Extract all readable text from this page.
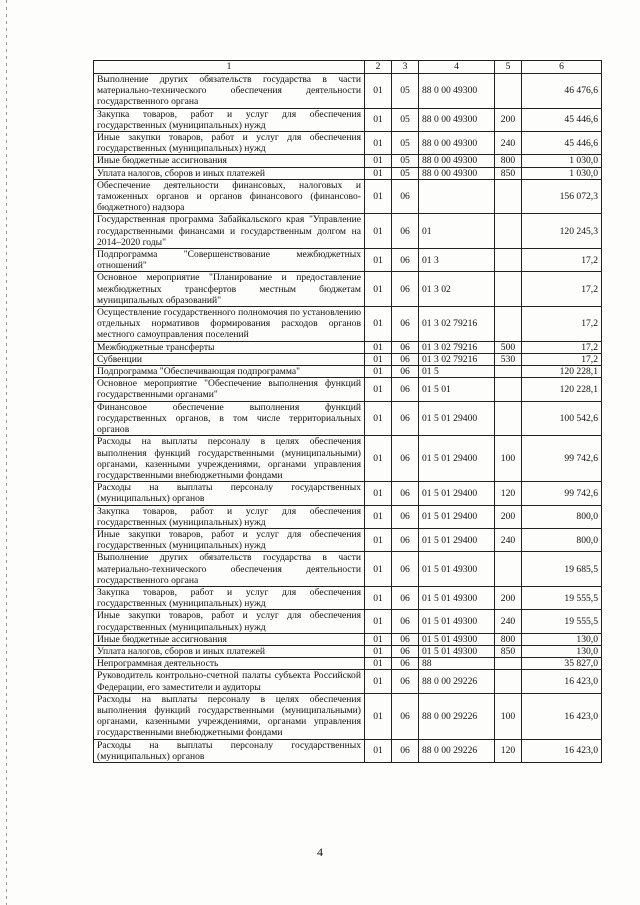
1	2	3	4	5	6
Выполнение других обязательств государства в части материально-технического обеспечения деятельности государственного органа	01	05	88 0 00 49300		46 476,6
Закупка товаров, работ и услуг для обеспечения государственных (муниципальных) нужд	01	05	88 0 00 49300	200	45 446,6
Иные закупки товаров, работ и услуг для обеспечения государственных (муниципальных) нужд	01	05	88 0 00 49300	240	45 446,6
Иные бюджетные ассигнования	01	05	88 0 00 49300	800	1 030,0
Уплата налогов, сборов и иных платежей	01	05	88 0 00 49300	850	1 030,0
Обеспечение деятельности финансовых, налоговых и таможенных органов и органов финансового (финансово-бюджетного) надзора	01	06			156 072,3
Государственная программа Забайкальского края "Управление государственными финансами и государственным долгом на 2014–2020 годы"	01	06	01		120 245,3
Подпрограмма "Совершенствование межбюджетных отношений"	01	06	01 3		17,2
Основное мероприятие "Планирование и предоставление межбюджетных трансфертов местным бюджетам муниципальных образований"	01	06	01 3 02		17,2
Осуществление государственного полномочия по установлению отдельных нормативов формирования расходов органов местного самоуправления поселений	01	06	01 3 02 79216		17,2
Межбюджетные трансферты	01	06	01 3 02 79216	500	17,2
Субвенции	01	06	01 3 02 79216	530	17,2
Подпрограмма "Обеспечивающая подпрограмма"	01	06	01 5		120 228,1
Основное мероприятие "Обеспечение выполнения функций государственными органами"	01	06	01 5 01		120 228,1
Финансовое обеспечение выполнения функций государственных органов, в том числе территориальных органов	01	06	01 5 01 29400		100 542,6
Расходы на выплаты персоналу в целях обеспечения выполнения функций государственными (муниципальными) органами, казенными учреждениями, органами управления государственными внебюджетными фондами	01	06	01 5 01 29400	100	99 742,6
Расходы на выплаты персоналу государственных (муниципальных) органов	01	06	01 5 01 29400	120	99 742,6
Закупка товаров, работ и услуг для обеспечения государственных (муниципальных) нужд	01	06	01 5 01 29400	200	800,0
Иные закупки товаров, работ и услуг для обеспечения государственных (муниципальных) нужд	01	06	01 5 01 29400	240	800,0
Выполнение других обязательств государства в части материально-технического обеспечения деятельности государственного органа	01	06	01 5 01 49300		19 685,5
Закупка товаров, работ и услуг для обеспечения государственных (муниципальных) нужд	01	06	01 5 01 49300	200	19 555,5
Иные закупки товаров, работ и услуг для обеспечения государственных (муниципальных) нужд	01	06	01 5 01 49300	240	19 555,5
Иные бюджетные ассигнования	01	06	01 5 01 49300	800	130,0
Уплата налогов, сборов и иных платежей	01	06	01 5 01 49300	850	130,0
Непрограммная деятельность	01	06	88		35 827,0
Руководитель контрольно-счетной палаты субъекта Российской Федерации, его заместители и аудиторы	01	06	88 0 00 29226		16 423,0
Расходы на выплаты персоналу в целях обеспечения выполнения функций государственными (муниципальными) органами, казенными учреждениями, органами управления государственными внебюджетными фондами	01	06	88 0 00 29226	100	16 423,0
Расходы на выплаты персоналу государственных (муниципальных) органов	01	06	88 0 00 29226	120	16 423,0
4
